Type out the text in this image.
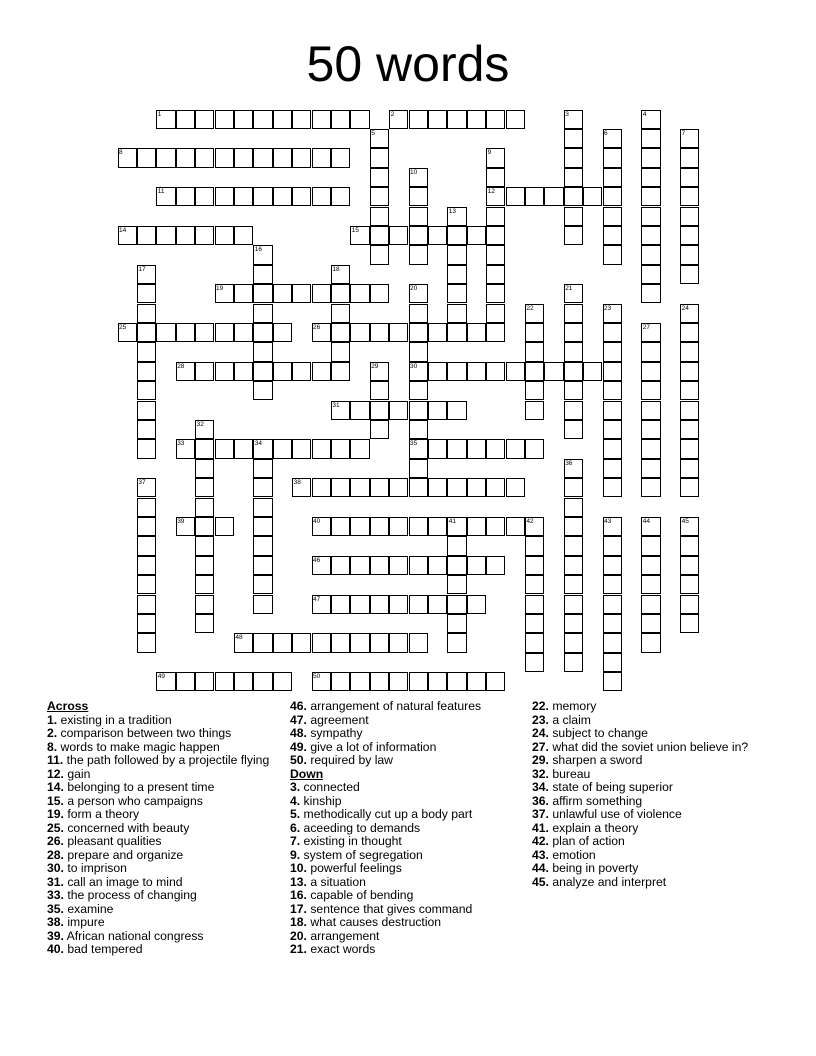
50 words
1	2
8
11	12
14	15
19
25	26
28	30
31
33	34	35
38
39	40	41	42
46
47
48
49	50
3	4
5	6	7
9
10
13
16
17	18
20	21
22	23	24
27
29
32
36
37
43	44	45
Across
1. existing in a tradition
2. comparison between two things
8. words to make magic happen
11. the path followed by a projectile flying
12. gain
14. belonging to a present time
15. a person who campaigns
19. form a theory
25. concerned with beauty
26. pleasant qualities
28. prepare and organize
30. to imprison
31. call an image to mind
33. the process of changing
35. examine
38. impure
39. African national congress
40. bad tempered
46. arrangement of natural features
47. agreement
48. sympathy
49. give a lot of information
50. required by law
Down
3. connected
4. kinship
5. methodically cut up a body part
6. aceeding to demands
7. existing in thought
9. system of segregation
10. powerful feelings
13. a situation
16. capable of bending
17. sentence that gives command
18. what causes destruction
20. arrangement
21. exact words
22. memory
23. a claim
24. subject to change
27. what did the soviet union believe in?
29. sharpen a sword
32. bureau
34. state of being superior
36. affirm something
37. unlawful use of violence
41. explain a theory
42. plan of action
43. emotion
44. being in poverty
45. analyze and interpret
